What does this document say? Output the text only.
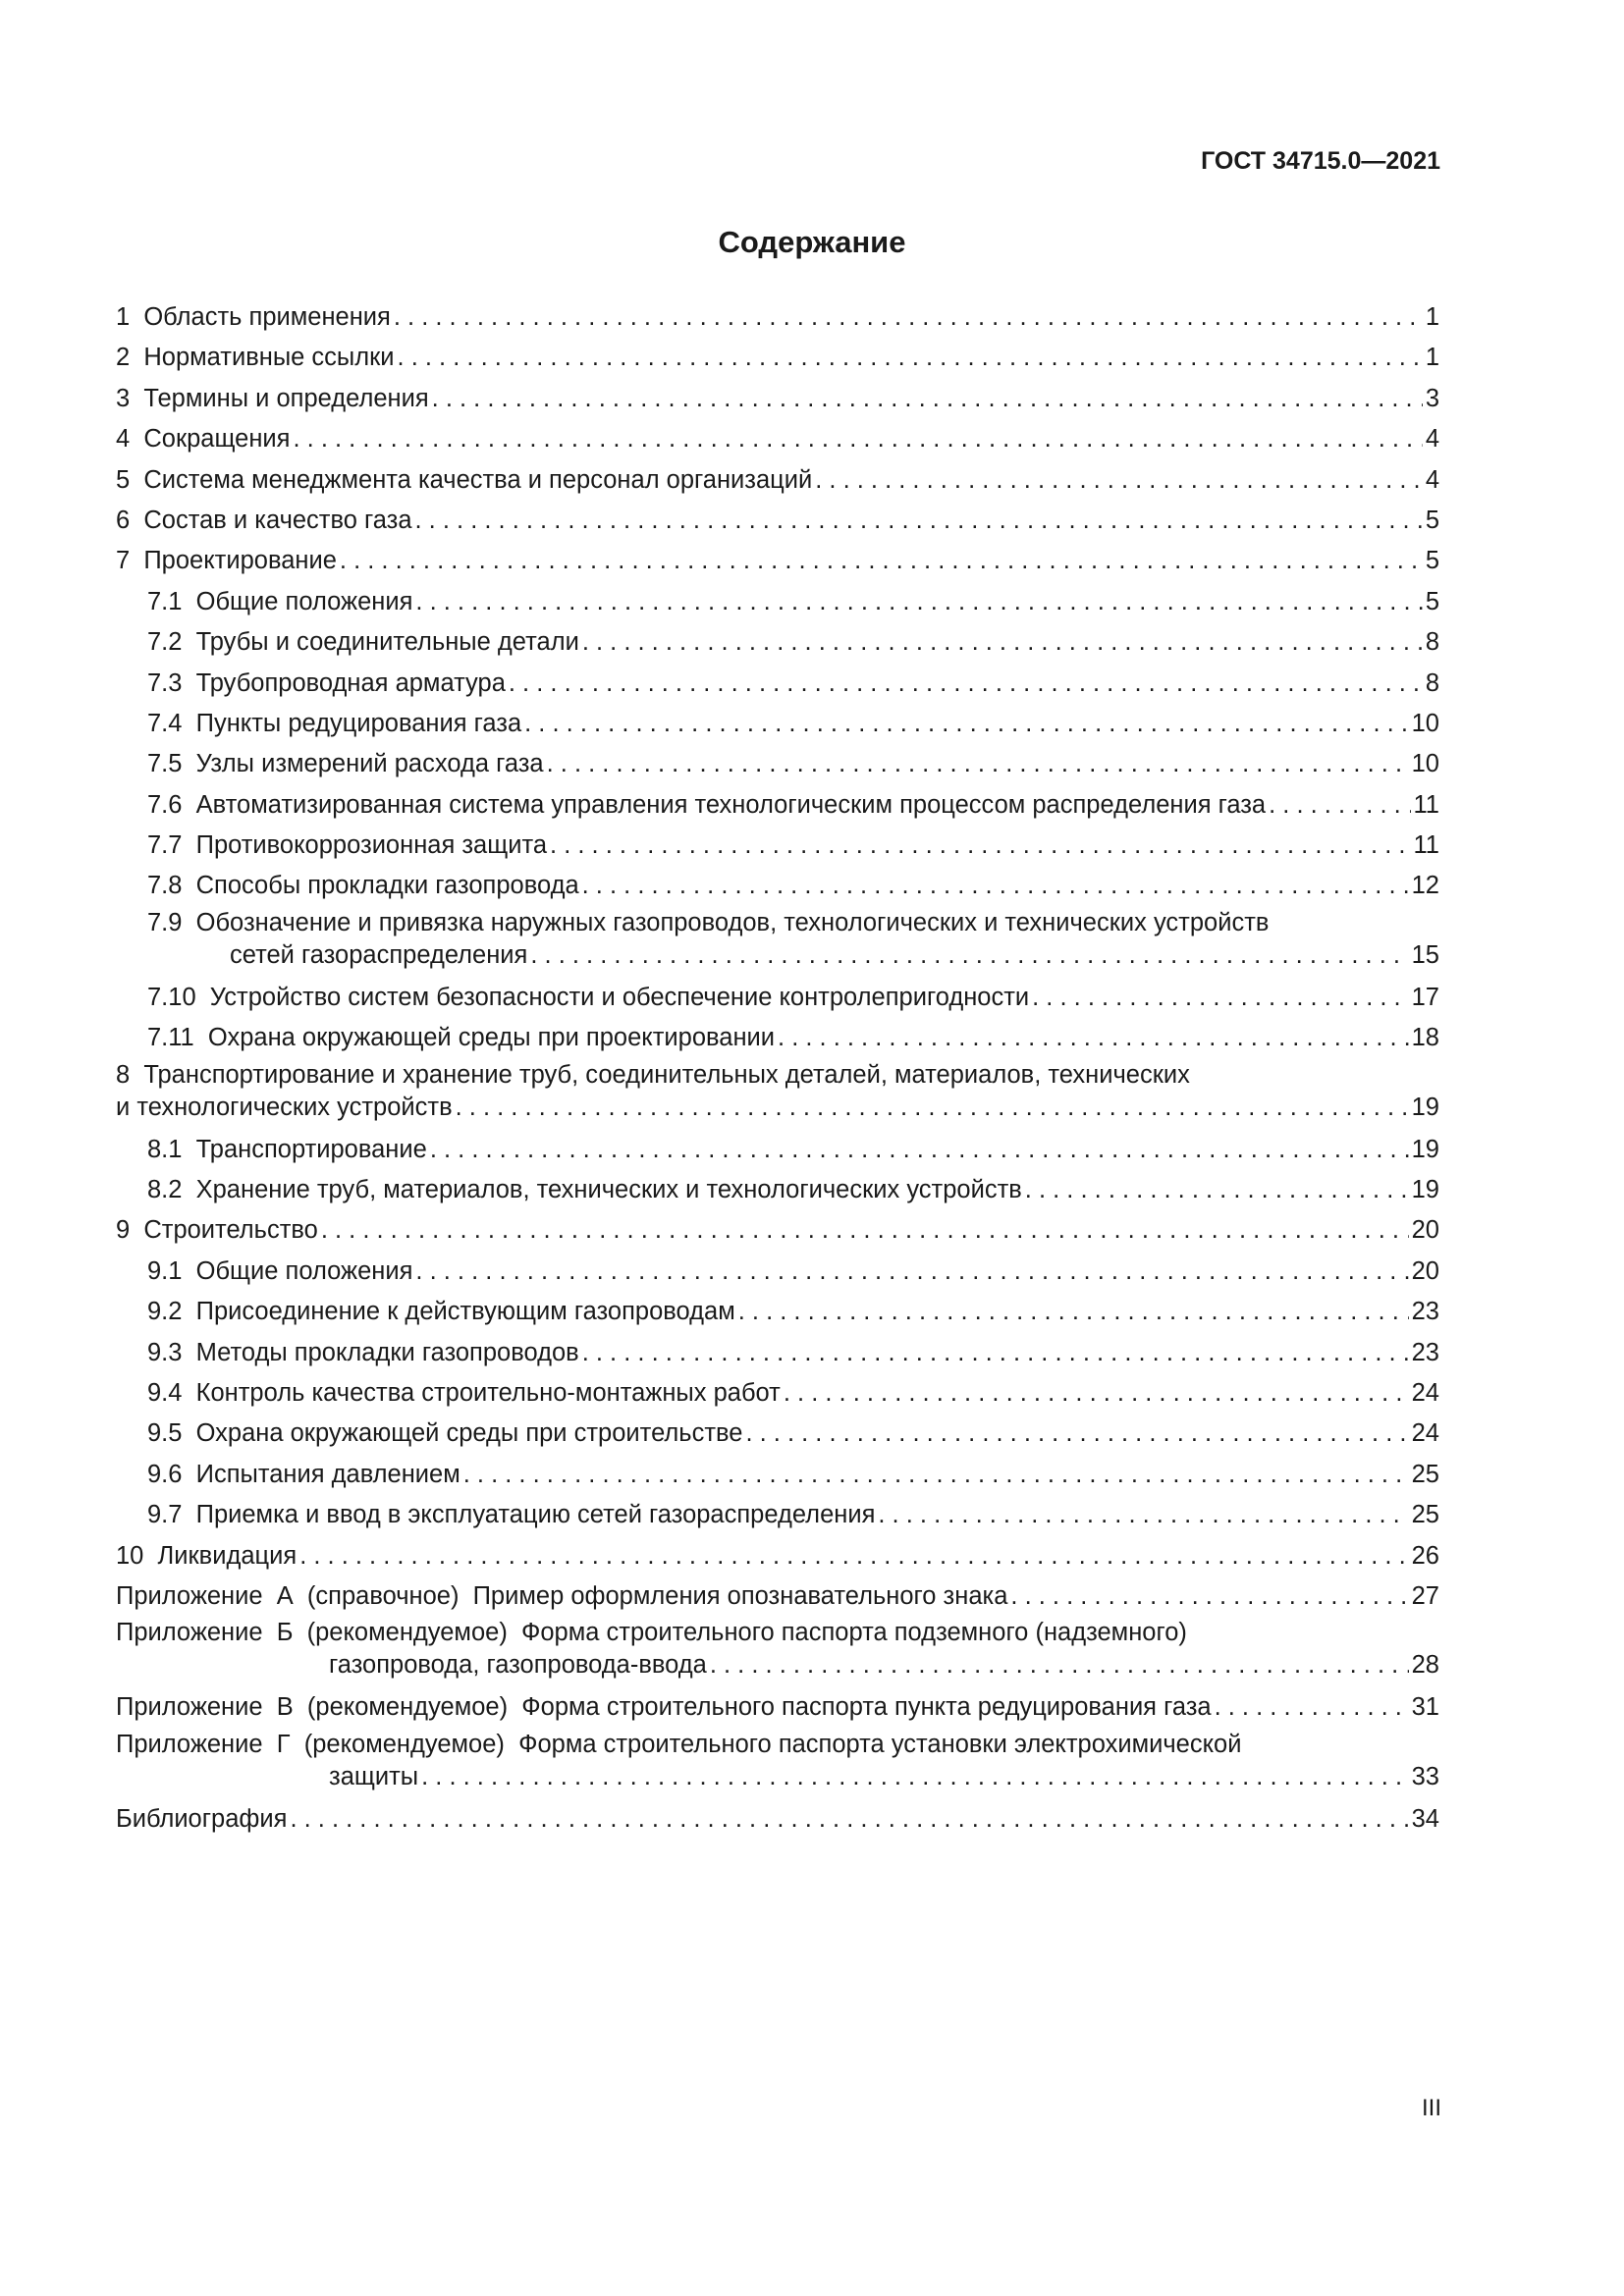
ГОСТ 34715.0—2021
Содержание
1  Область применения . . .	1
2  Нормативные ссылки . . .	1
3  Термины и определения . . .	3
4  Сокращения . . .	4
5  Система менеджмента качества и персонал организаций . . .	4
6  Состав и качество газа . . .	5
7  Проектирование . . .	5
7.1  Общие положения . . .	5
7.2  Трубы и соединительные детали . . .	8
7.3  Трубопроводная арматура . . .	8
7.4  Пункты редуцирования газа . . .	10
7.5  Узлы измерений расхода газа . . .	10
7.6  Автоматизированная система управления технологическим процессом распределения газа . . .	11
7.7  Противокоррозионная защита . . .	11
7.8  Способы прокладки газопровода . . .	12
7.9  Обозначение и привязка наружных газопроводов, технологических и технических устройств
сетей газораспределения . . .	15
7.10  Устройство систем безопасности и обеспечение контролепригодности . . .	17
7.11  Охрана окружающей среды при проектировании . . .	18
8  Транспортирование и хранение труб, соединительных деталей, материалов, технических
и технологических устройств . . .	19
8.1  Транспортирование . . .	19
8.2  Хранение труб, материалов, технических и технологических устройств . . .	19
9  Строительство . . .	20
9.1  Общие положения . . .	20
9.2  Присоединение к действующим газопроводам . . .	23
9.3  Методы прокладки газопроводов . . .	23
9.4  Контроль качества строительно-монтажных работ . . .	24
9.5  Охрана окружающей среды при строительстве . . .	24
9.6  Испытания давлением . . .	25
9.7  Приемка и ввод в эксплуатацию сетей газораспределения . . .	25
10  Ликвидация . . .	26
Приложение  А  (справочное)  Пример оформления опознавательного знака . . .	27
Приложение  Б  (рекомендуемое)  Форма строительного паспорта подземного (надземного)
газопровода, газопровода-ввода . . .	28
Приложение  В  (рекомендуемое)  Форма строительного паспорта пункта редуцирования газа . . .	31
Приложение  Г  (рекомендуемое)  Форма строительного паспорта установки электрохимической
защиты . . .	33
Библиография . . .	34
III
